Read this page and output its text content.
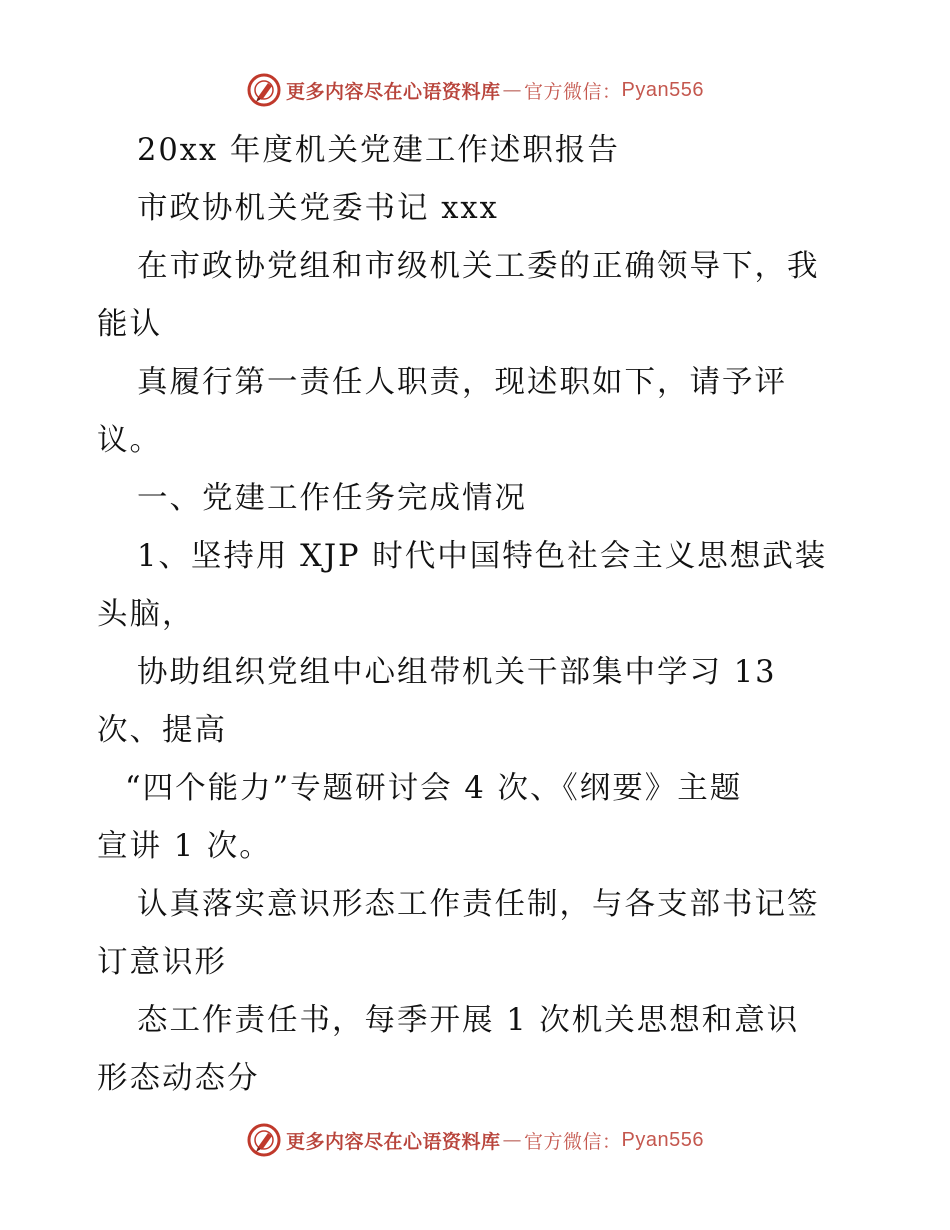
更多内容尽在心语资料库 — 官方微信： Pyan556
20xx 年度机关党建工作述职报告
市政协机关党委书记 xxx
在市政协党组和市级机关工委的正确领导下，我
能认
真履行第一责任人职责，现述职如下，请予评
议。
一、党建工作任务完成情况
1、坚持用 XJP 时代中国特色社会主义思想武装
头脑，
协助组织党组中心组带机关干部集中学习 13
次、提高
“四个能力”专题研讨会 4 次、《纲要》主题
宣讲 1 次。
认真落实意识形态工作责任制，与各支部书记签
订意识形
态工作责任书，每季开展 1 次机关思想和意识
形态动态分
更多内容尽在心语资料库 — 官方微信： Pyan556
